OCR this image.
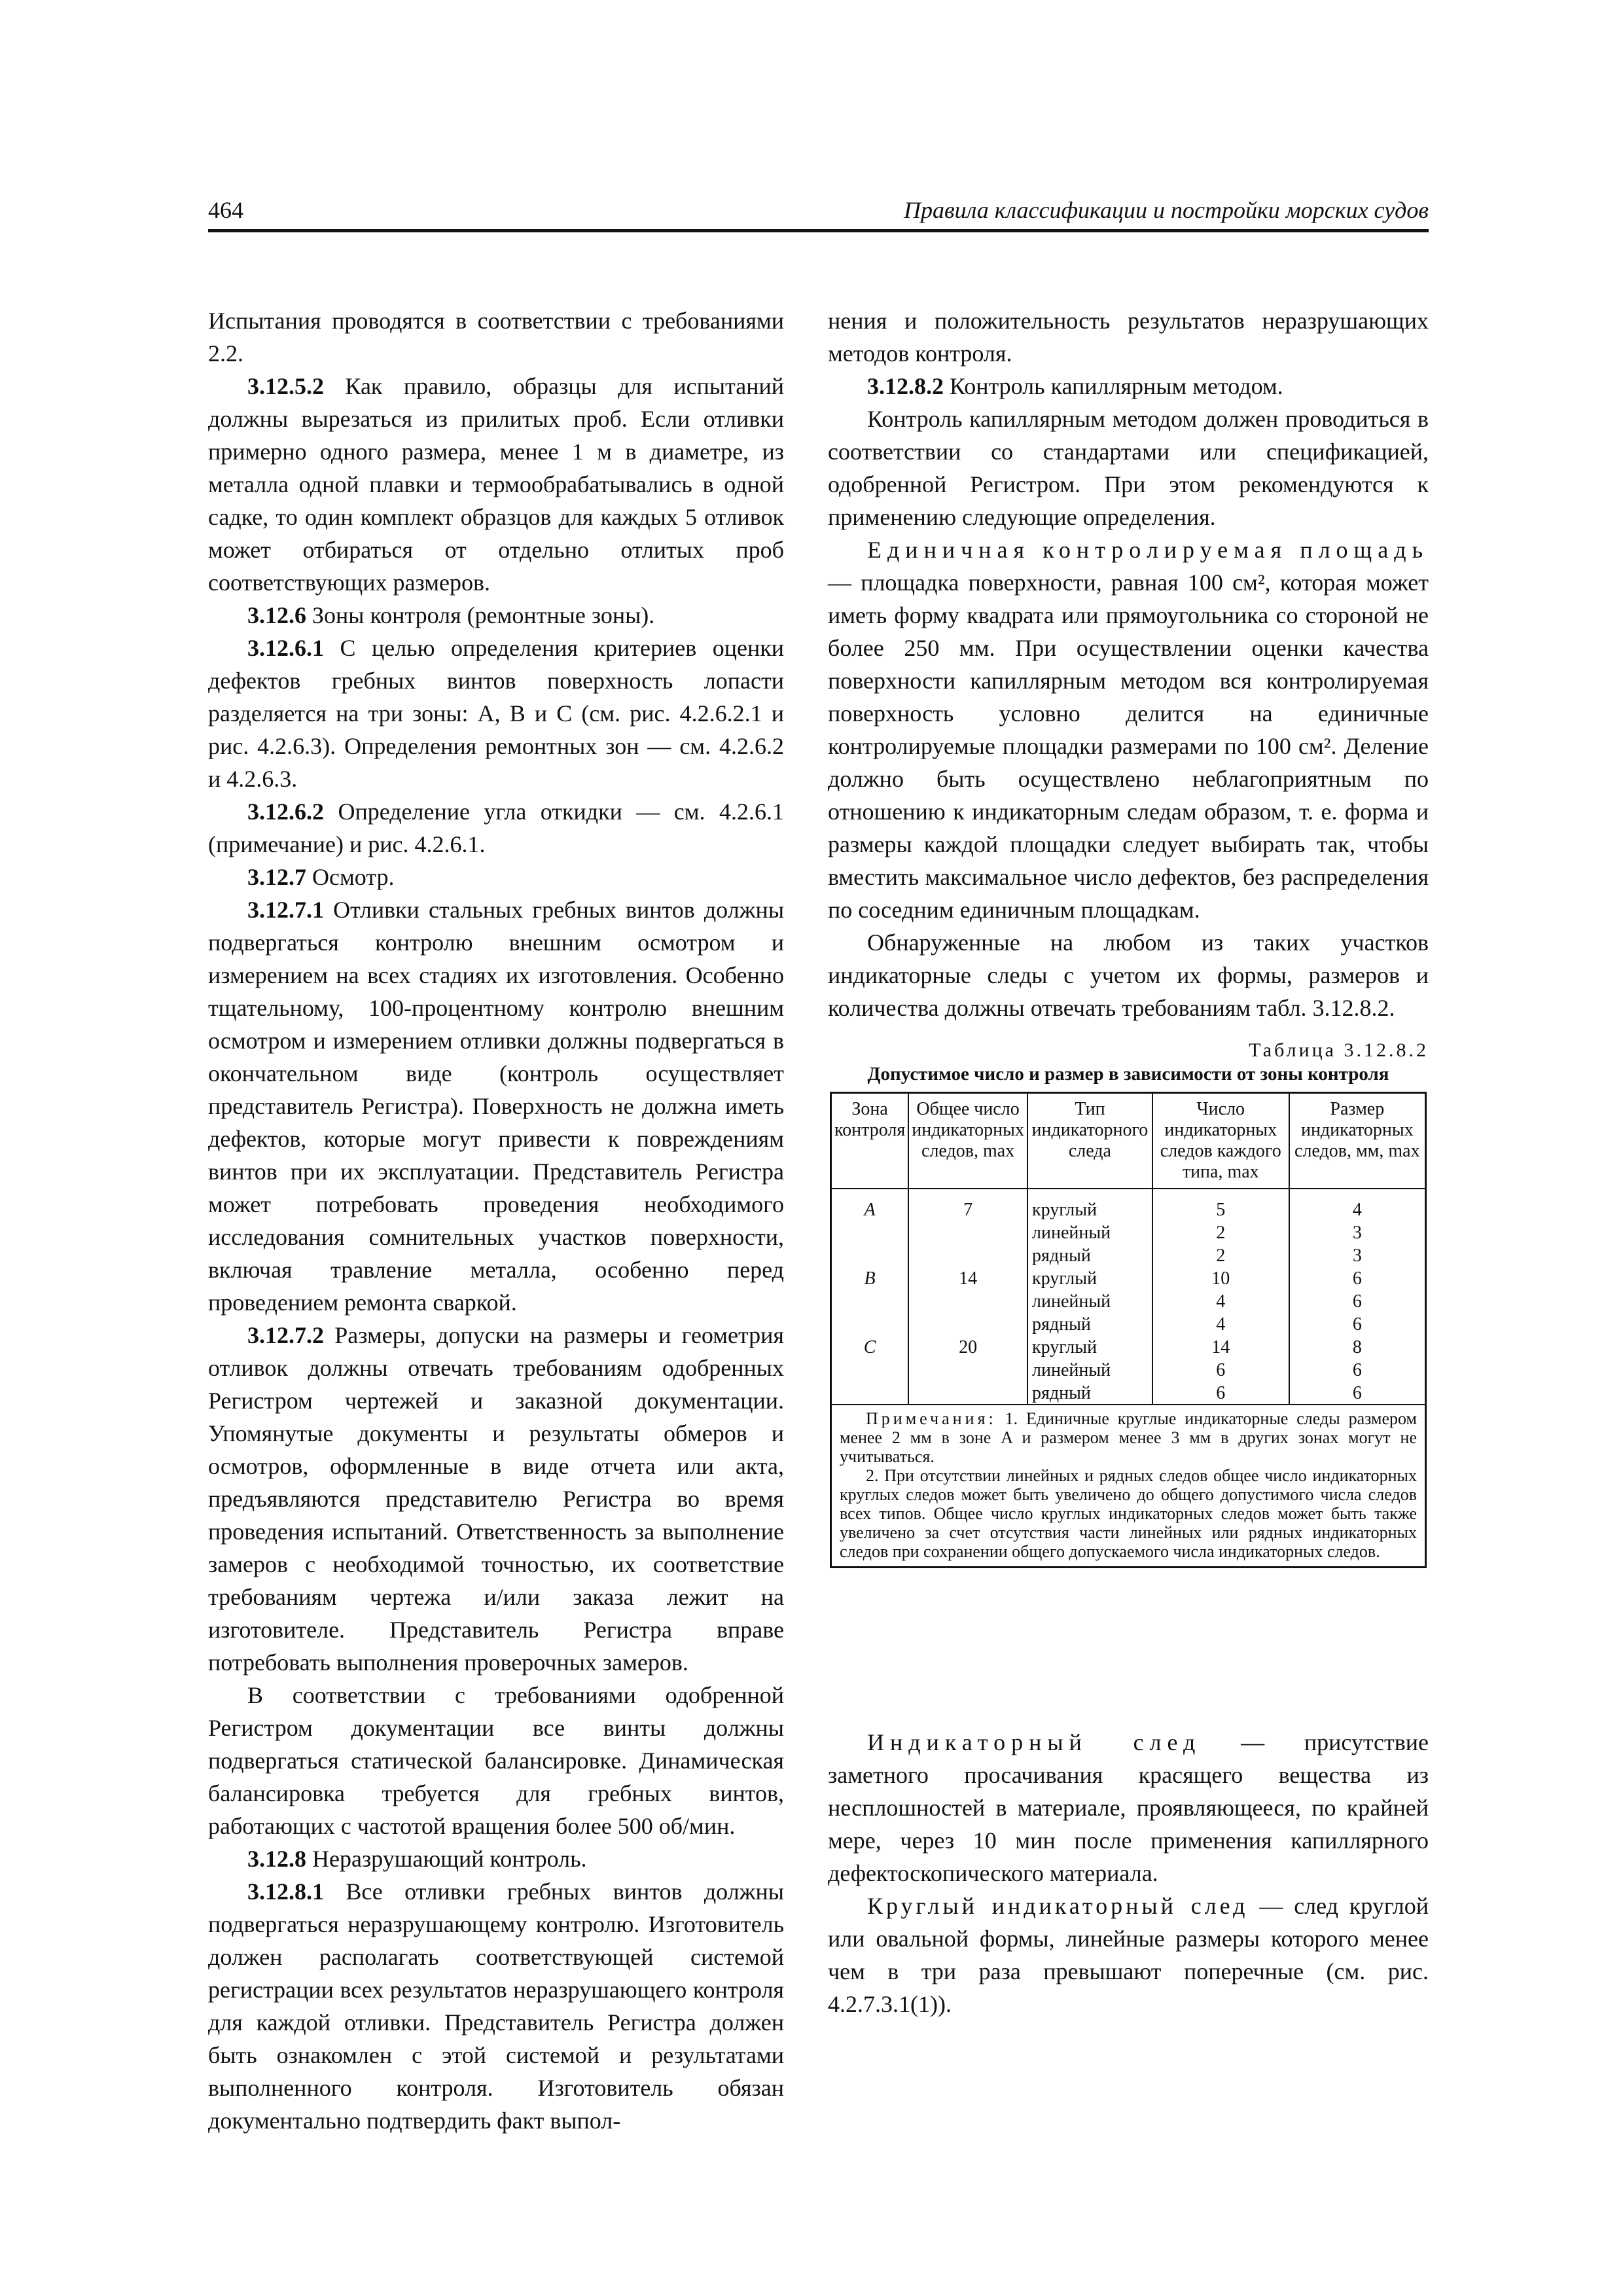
464	Правила классификации и постройки морских судов

Испытания проводятся в соответствии с требованиями 2.2.

3.12.5.2 Как правило, образцы для испытаний должны вырезаться из прилитых проб. Если отливки примерно одного размера, менее 1 м в диаметре, из металла одной плавки и термообрабатывались в одной садке, то один комплект образцов для каждых 5 отливок может отбираться от отдельно отлитых проб соответствующих размеров.

3.12.6 Зоны контроля (ремонтные зоны).

3.12.6.1 С целью определения критериев оценки дефектов гребных винтов поверхность лопасти разделяется на три зоны: A, B и C (см. рис. 4.2.6.2.1 и рис. 4.2.6.3). Определения ремонтных зон — см. 4.2.6.2 и 4.2.6.3.

3.12.6.2 Определение угла откидки — см. 4.2.6.1 (примечание) и рис. 4.2.6.1.

3.12.7 Осмотр.

3.12.7.1 Отливки стальных гребных винтов должны подвергаться контролю внешним осмотром и измерением на всех стадиях их изготовления. Особенно тщательному, 100-процентному контролю внешним осмотром и измерением отливки должны подвергаться в окончательном виде (контроль осуществляет представитель Регистра). Поверхность не должна иметь дефектов, которые могут привести к повреждениям винтов при их эксплуатации. Представитель Регистра может потребовать проведения необходимого исследования сомнительных участков поверхности, включая травление металла, особенно перед проведением ремонта сваркой.

3.12.7.2 Размеры, допуски на размеры и геометрия отливок должны отвечать требованиям одобренных Регистром чертежей и заказной документации. Упомянутые документы и результаты обмеров и осмотров, оформленные в виде отчета или акта, предъявляются представителю Регистра во время проведения испытаний. Ответственность за выполнение замеров с необходимой точностью, их соответствие требованиям чертежа и/или заказа лежит на изготовителе. Представитель Регистра вправе потребовать выполнения проверочных замеров.

В соответствии с требованиями одобренной Регистром документации все винты должны подвергаться статической балансировке. Динамическая балансировка требуется для гребных винтов, работающих с частотой вращения более 500 об/мин.

3.12.8 Неразрушающий контроль.

3.12.8.1 Все отливки гребных винтов должны подвергаться неразрушающему контролю. Изготовитель должен располагать соответствующей системой регистрации всех результатов неразрушающего контроля для каждой отливки. Представитель Регистра должен быть ознакомлен с этой системой и результатами выполненного контроля. Изготовитель обязан документально подтвердить факт выпол-

нения и положительность результатов неразрушающих методов контроля.

3.12.8.2 Контроль капиллярным методом.

Контроль капиллярным методом должен проводиться в соответствии со стандартами или спецификацией, одобренной Регистром. При этом рекомендуются к применению следующие определения.

Единичная контролируемая площадь — площадка поверхности, равная 100 см², которая может иметь форму квадрата или прямоугольника со стороной не более 250 мм. При осуществлении оценки качества поверхности капиллярным методом вся контролируемая поверхность условно делится на единичные контролируемые площадки размерами по 100 см². Деление должно быть осуществлено неблагоприятным по отношению к индикаторным следам образом, т. е. форма и размеры каждой площадки следует выбирать так, чтобы вместить максимальное число дефектов, без распределения по соседним единичным площадкам.

Обнаруженные на любом из таких участков индикаторные следы с учетом их формы, размеров и количества должны отвечать требованиям табл. 3.12.8.2.

Таблица 3.12.8.2
Допустимое число и размер в зависимости от зоны контроля
Зона контроля	Общее число индикаторных следов, max	Тип индикаторного следа	Число индикаторных следов каждого типа, max	Размер индикаторных следов, мм, max
A	7	круглый	5	4
		линейный	2	3
		рядный	2	3
B	14	круглый	10	6
		линейный	4	6
		рядный	4	6
C	20	круглый	14	8
		линейный	6	6
		рядный	6	6

Примечания: 1. Единичные круглые индикаторные следы размером менее 2 мм в зоне A и размером менее 3 мм в других зонах могут не учитываться.

2. При отсутствии линейных и рядных следов общее число индикаторных круглых следов может быть увеличено до общего допустимого числа следов всех типов. Общее число круглых индикаторных следов может быть также увеличено за счет отсутствия части линейных или рядных индикаторных следов при сохранении общего допускаемого числа индикаторных следов.				

Индикаторный след — присутствие заметного просачивания красящего вещества из несплошностей в материале, проявляющееся, по крайней мере, через 10 мин после применения капиллярного дефектоскопического материала.

Круглый индикаторный след — след круглой или овальной формы, линейные размеры которого менее чем в три раза превышают поперечные (см. рис. 4.2.7.3.1(1)).
